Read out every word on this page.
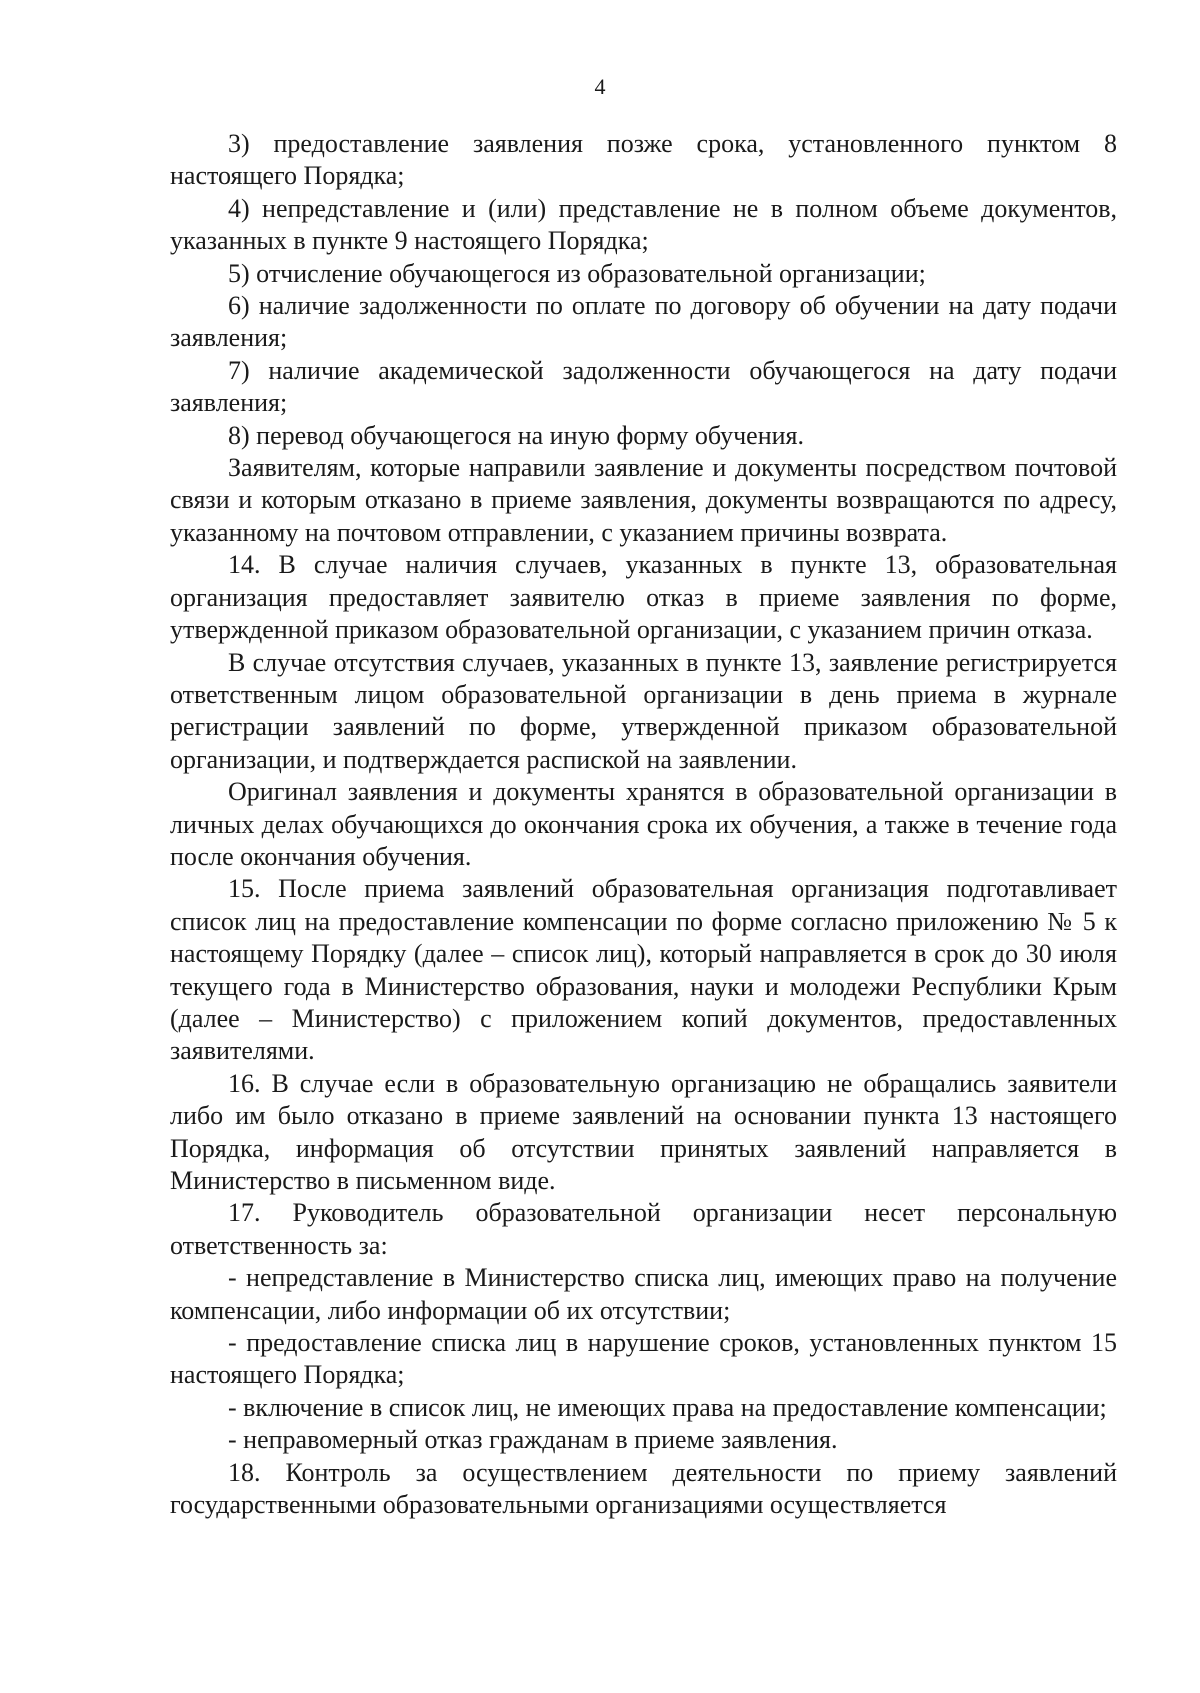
4

3) предоставление заявления позже срока, установленного пунктом 8 настоящего Порядка;

4) непредставление и (или) представление не в полном объеме документов, указанных в пункте 9 настоящего Порядка;

5) отчисление обучающегося из образовательной организации;

6) наличие задолженности по оплате по договору об обучении на дату подачи заявления;

7) наличие академической задолженности обучающегося на дату подачи заявления;

8) перевод обучающегося на иную форму обучения.

Заявителям, которые направили заявление и документы посредством почтовой связи и которым отказано в приеме заявления, документы возвращаются по адресу, указанному на почтовом отправлении, с указанием причины возврата.

14. В случае наличия случаев, указанных в пункте 13, образовательная организация предоставляет заявителю отказ в приеме заявления по форме, утвержденной приказом образовательной организации, с указанием причин отказа.

В случае отсутствия случаев, указанных в пункте 13, заявление регистрируется ответственным лицом образовательной организации в день приема в журнале регистрации заявлений по форме, утвержденной приказом образовательной организации, и подтверждается распиской на заявлении.

Оригинал заявления и документы хранятся в образовательной организации в личных делах обучающихся до окончания срока их обучения, а также в течение года после окончания обучения.

15. После приема заявлений образовательная организация подготавливает список лиц на предоставление компенсации по форме согласно приложению № 5 к настоящему Порядку (далее – список лиц), который направляется в срок до 30 июля текущего года в Министерство образования, науки и молодежи Республики Крым (далее – Министерство) с приложением копий документов, предоставленных заявителями.

16. В случае если в образовательную организацию не обращались заявители либо им было отказано в приеме заявлений на основании пункта 13 настоящего Порядка, информация об отсутствии принятых заявлений направляется в Министерство в письменном виде.

17. Руководитель образовательной организации несет персональную ответственность за:

- непредставление в Министерство списка лиц, имеющих право на получение компенсации, либо информации об их отсутствии;

- предоставление списка лиц в нарушение сроков, установленных пунктом 15 настоящего Порядка;

- включение в список лиц, не имеющих права на предоставление компенсации;

- неправомерный отказ гражданам в приеме заявления.

18. Контроль за осуществлением деятельности по приему заявлений государственными образовательными организациями осуществляется
